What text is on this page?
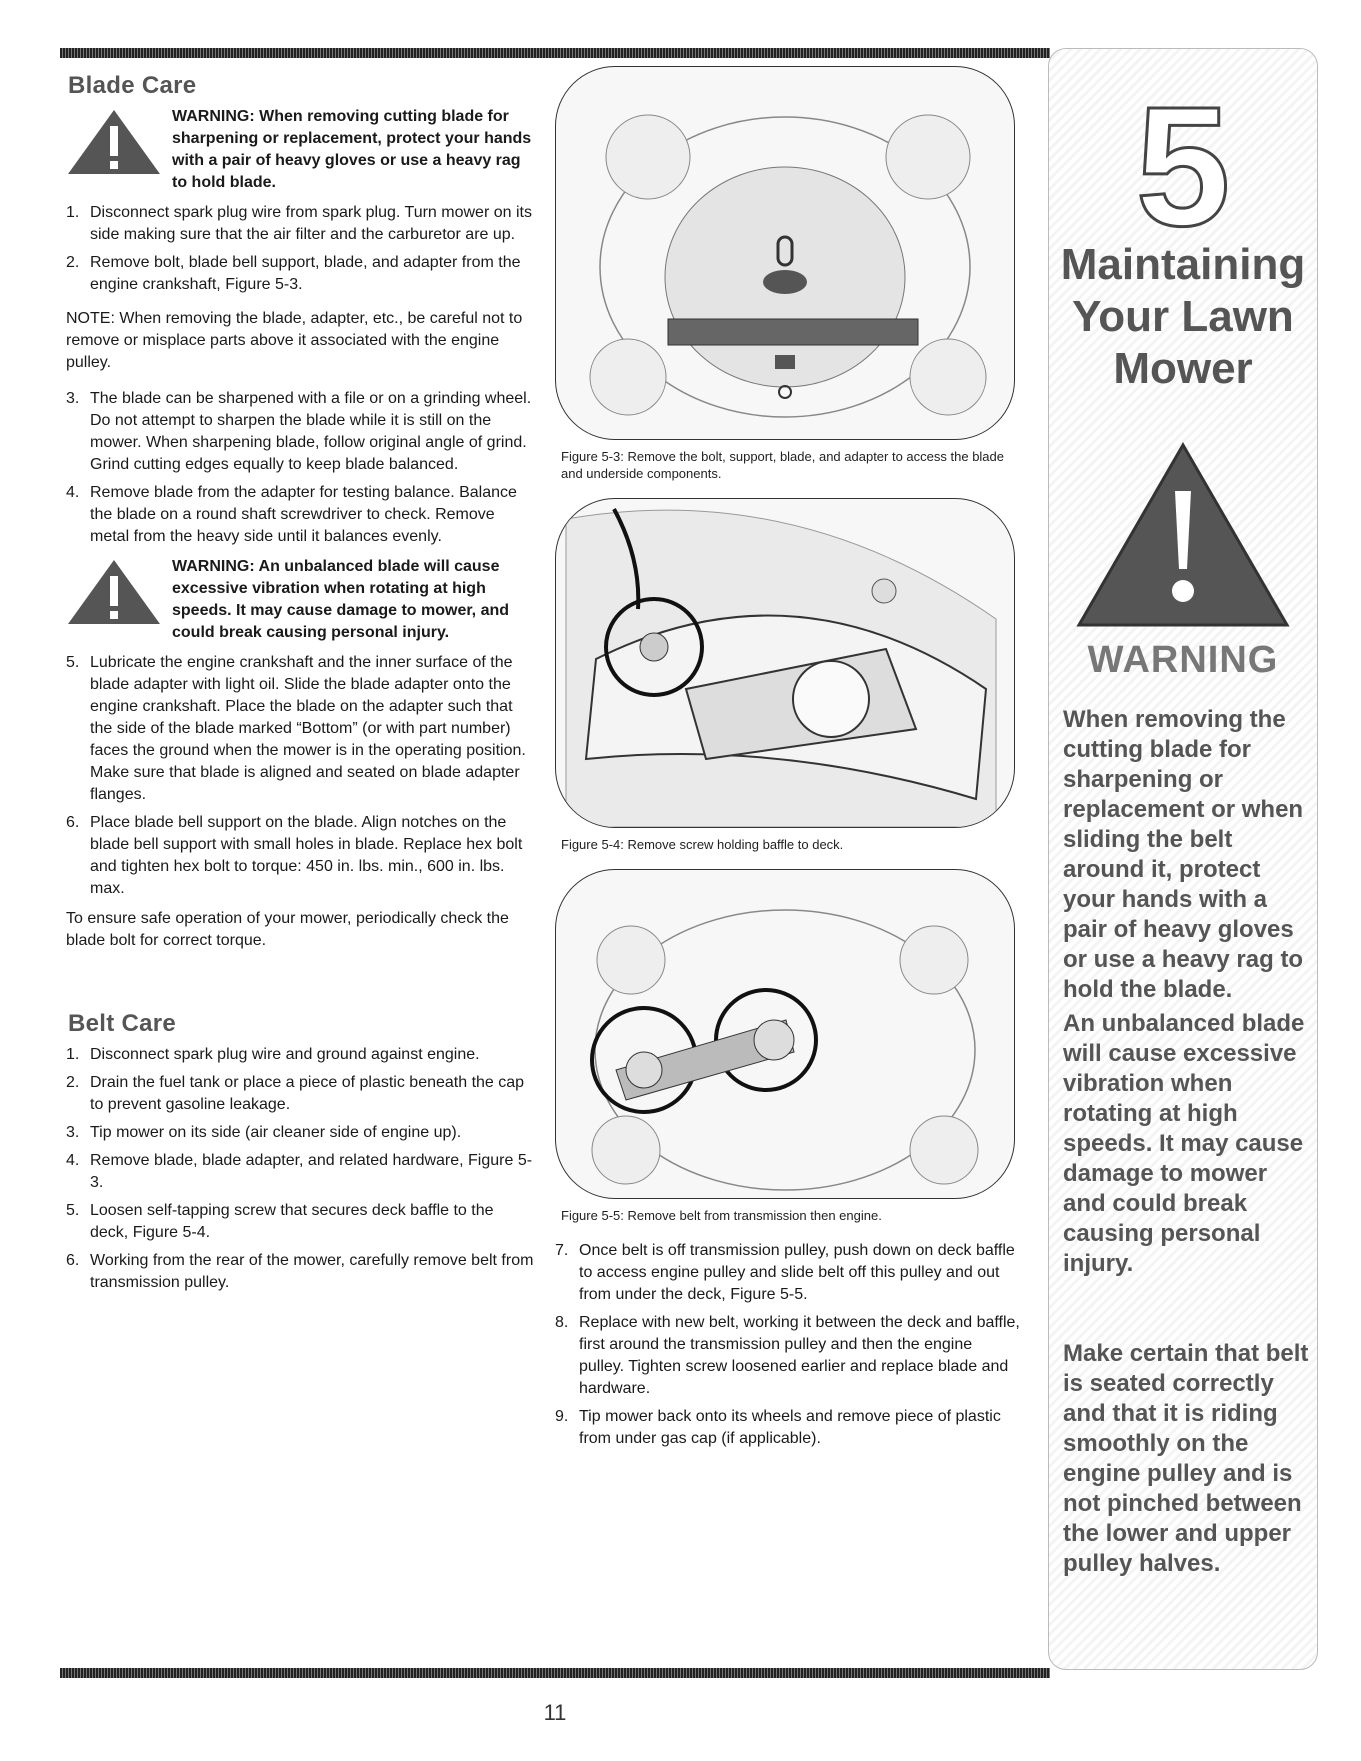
Blade Care
WARNING: When removing cutting blade for sharpening or replacement, protect your hands with a pair of heavy gloves or use a heavy rag to hold blade.
1. Disconnect spark plug wire from spark plug. Turn mower on its side making sure that the air filter and the carburetor are up.
2. Remove bolt, blade bell support, blade, and adapter from the engine crankshaft, Figure 5-3.

NOTE: When removing the blade, adapter, etc., be careful not to remove or misplace parts above it associated with the engine pulley.

3. The blade can be sharpened with a file or on a grinding wheel. Do not attempt to sharpen the blade while it is still on the mower. When sharpening blade, follow original angle of grind. Grind cutting edges equally to keep blade balanced.
4. Remove blade from the adapter for testing balance. Balance the blade on a round shaft screwdriver to check. Remove metal from the heavy side until it balances evenly.
WARNING: An unbalanced blade will cause excessive vibration when rotating at high speeds. It may cause damage to mower, and could break causing personal injury.
5. Lubricate the engine crankshaft and the inner surface of the blade adapter with light oil. Slide the blade adapter onto the engine crankshaft. Place the blade on the adapter such that the side of the blade marked “Bottom” (or with part number) faces the ground when the mower is in the operating position. Make sure that blade is aligned and seated on blade adapter flanges.
6. Place blade bell support on the blade. Align notches on the blade bell support with small holes in blade. Replace hex bolt and tighten hex bolt to torque: 450 in. lbs. min., 600 in. lbs. max.

To ensure safe operation of your mower, periodically check the blade bolt for correct torque.

Belt Care
1. Disconnect spark plug wire and ground against engine.
2. Drain the fuel tank or place a piece of plastic beneath the cap to prevent gasoline leakage.
3. Tip mower on its side (air cleaner side of engine up).
4. Remove blade, blade adapter, and related hardware, Figure 5-3.
5. Loosen self-tapping screw that secures deck baffle to the deck, Figure 5-4.
6. Working from the rear of the mower, carefully remove belt from transmission pulley.
Figure 5-3: Remove the bolt, support, blade, and adapter to access the blade and underside components.
Figure 5-4: Remove screw holding baffle to deck.
Figure 5-5: Remove belt from transmission then engine.
7. Once belt is off transmission pulley, push down on deck baffle to access engine pulley and slide belt off this pulley and out from under the deck, Figure 5-5.
8. Replace with new belt, working it between the deck and baffle, first around the transmission pulley and then the engine pulley. Tighten screw loosened earlier and replace blade and hardware.
9. Tip mower back onto its wheels and remove piece of plastic from under gas cap (if applicable).
5
Maintaining
Your Lawn
Mower
WARNING
When removing the cutting blade for sharpening or replacement or when sliding the belt around it, protect your hands with a pair of heavy gloves or use a heavy rag to hold the blade.
An unbalanced blade will cause excessive vibration when rotating at high speeds. It may cause damage to mower and could break causing personal injury.
Make certain that belt is seated correctly and that it is riding smoothly on the engine pulley and is not pinched between the lower and upper pulley halves.
11
